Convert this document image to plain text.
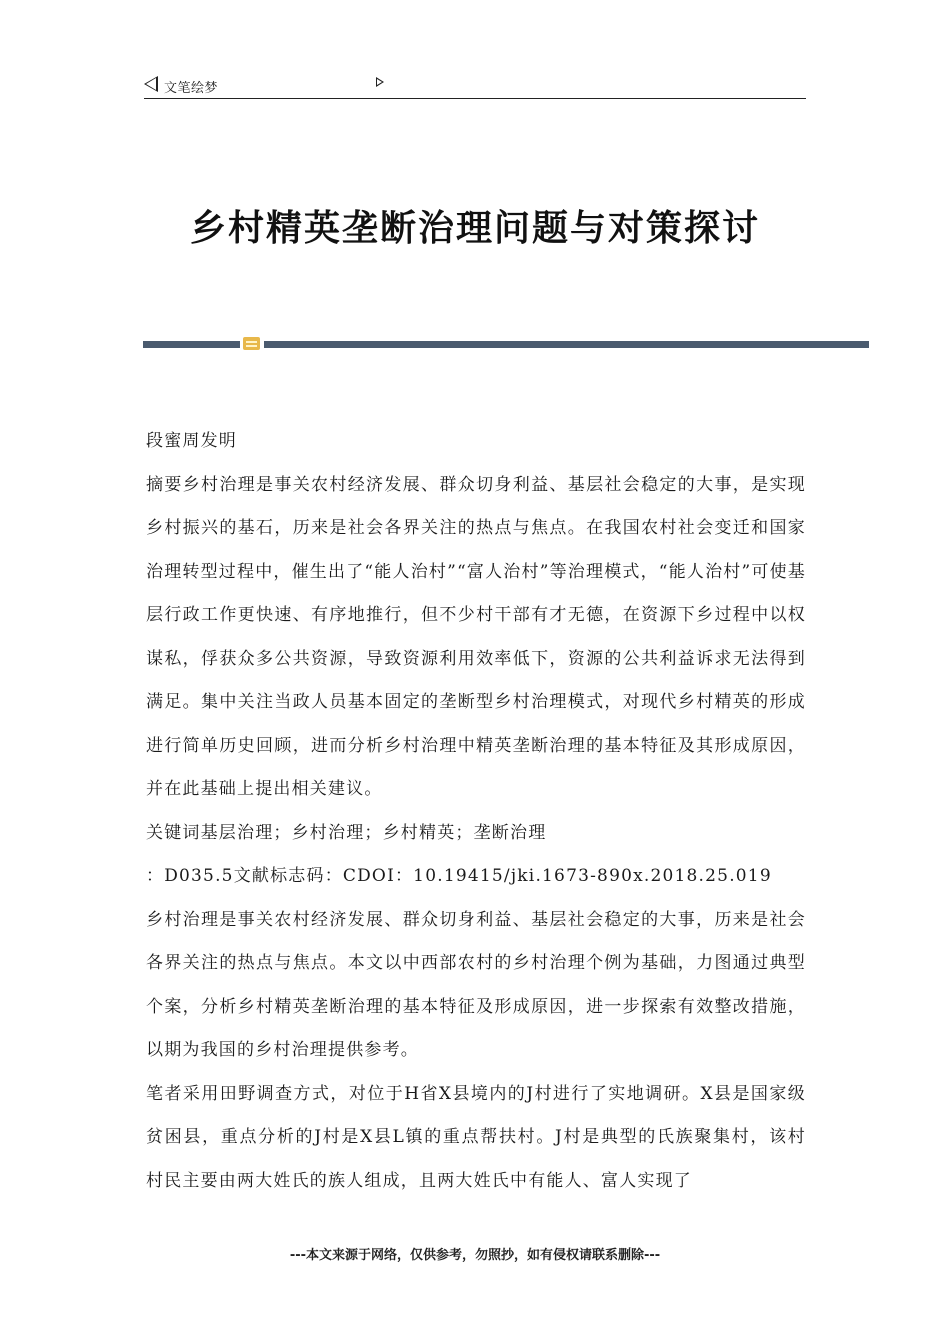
文笔绘梦
乡村精英垄断治理问题与对策探讨

段蜜周发明

摘要乡村治理是事关农村经济发展、群众切身利益、基层社会稳定的大事，是实现乡村振兴的基石，历来是社会各界关注的热点与焦点。在我国农村社会变迁和国家治理转型过程中，催生出了“能人治村”“富人治村”等治理模式，“能人治村”可使基层行政工作更快速、有序地推行，但不少村干部有才无德，在资源下乡过程中以权谋私，俘获众多公共资源，导致资源利用效率低下，资源的公共利益诉求无法得到满足。集中关注当政人员基本固定的垄断型乡村治理模式，对现代乡村精英的形成进行简单历史回顾，进而分析乡村治理中精英垄断治理的基本特征及其形成原因，并在此基础上提出相关建议。

关键词基层治理；乡村治理；乡村精英；垄断治理

：D035.5文献标志码：CDOI：10.19415/jki.1673-890x.2018.25.019

乡村治理是事关农村经济发展、群众切身利益、基层社会稳定的大事，历来是社会各界关注的热点与焦点。本文以中西部农村的乡村治理个例为基础，力图通过典型个案，分析乡村精英垄断治理的基本特征及形成原因，进一步探索有效整改措施，以期为我国的乡村治理提供参考。

笔者采用田野调查方式，对位于H省X县境内的J村进行了实地调研。X县是国家级贫困县，重点分析的J村是X县L镇的重点帮扶村。J村是典型的氏族聚集村，该村村民主要由两大姓氏的族人组成，且两大姓氏中有能人、富人实现了

---本文来源于网络，仅供参考，勿照抄，如有侵权请联系删除---
